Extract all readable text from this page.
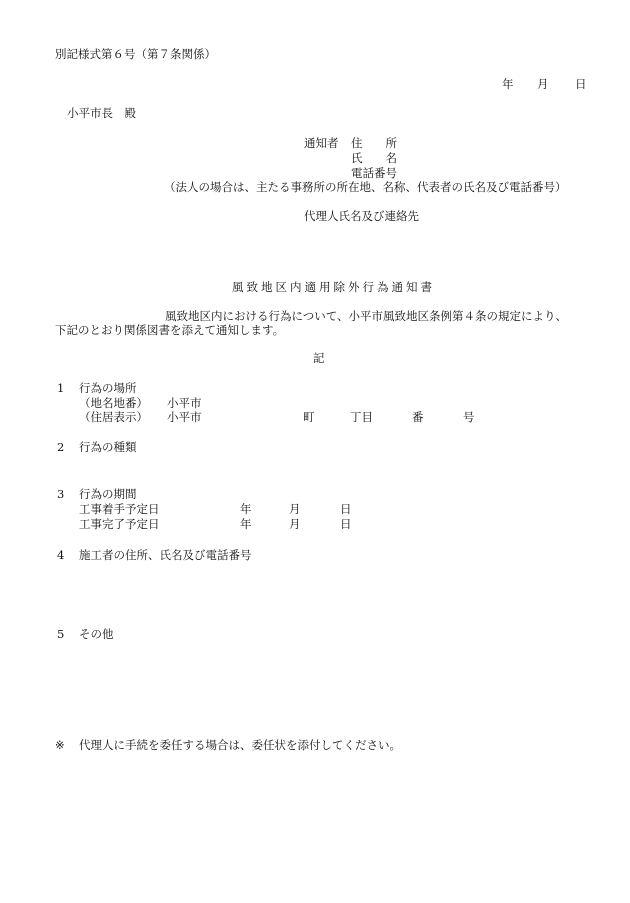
別記様式第６号（第７条関係）
年 月 日
小平市長　殿
通知者 住　　所
氏　　名
電話番号
（法人の場合は、主たる事務所の所在地、名称、代表者の氏名及び電話番号）
代理人氏名及び連絡先
風致地区内適用除外行為通知書
風致地区内における行為について、小平市風致地区条例第４条の規定により、
下記のとおり関係図書を添えて通知します。
記
1 行為の場所
（地名地番） 小平市
（住居表示） 小平市	町	丁目	番	号
2 行為の種類
3 行為の期間
工事着手予定日	年	月	日
工事完了予定日	年	月	日
4 施工者の住所、氏名及び電話番号
5 その他
※ 代理人に手続を委任する場合は、委任状を添付してください。
